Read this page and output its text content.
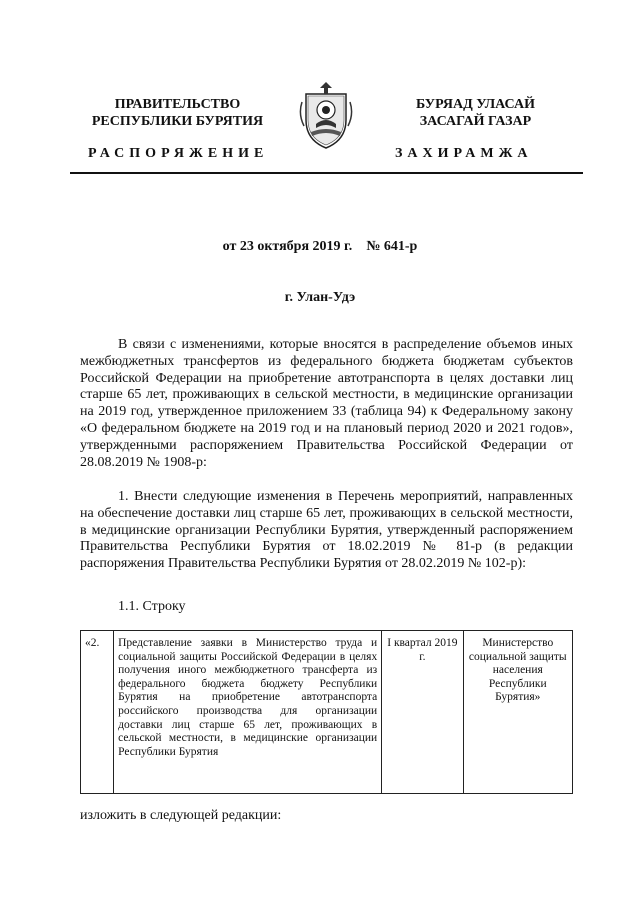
ПРАВИТЕЛЬСТВО
РЕСПУБЛИКИ БУРЯТИЯ
БУРЯАД УЛАСАЙ
ЗАСАГАЙ ГАЗАР
РАСПОРЯЖЕНИЕ	ЗАХИРАМЖА
от 23 октября 2019 г. № 641-р
г. Улан-Удэ

В связи с изменениями, которые вносятся в распределение объемов иных межбюджетных трансфертов из федерального бюджета бюджетам субъектов Российской Федерации на приобретение автотранспорта в целях доставки лиц старше 65 лет, проживающих в сельской местности, в медицинские организации на 2019 год, утвержденное приложением 33 (таблица 94) к Федеральному закону «О федеральном бюджете на 2019 год и на плановый период 2020 и 2021 годов», утвержденными распоряжением Правительства Российской Федерации от 28.08.2019 № 1908-р:

1. Внести следующие изменения в Перечень мероприятий, направленных на обеспечение доставки лиц старше 65 лет, проживающих в сельской местности, в медицинские организации Республики Бурятия, утвержденный распоряжением Правительства Республики Бурятия от 18.02.2019 № 81-р (в редакции распоряжения Правительства Республики Бурятия от 28.02.2019 № 102-р):

1.1. Строку
«2.	Представление заявки в Министерство труда и социальной защиты Российской Федерации в целях получения иного межбюджетного трансферта из федерального бюджета бюджету Республики Бурятия на приобретение автотранспорта российского производства для организации доставки лиц старше 65 лет, проживающих в сельской местности, в медицинские организации Республики Бурятия	I квартал 2019 г.	Министерство социальной защиты населения Республики Бурятия»
изложить в следующей редакции:
